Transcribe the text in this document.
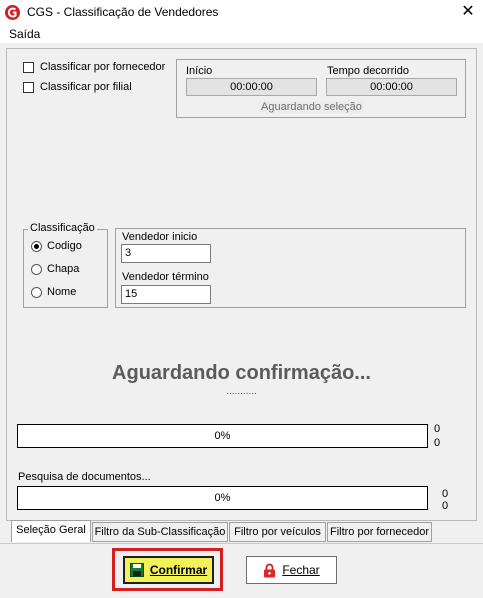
CGS - Classificação de Vendedores	✕
Saída
Classificar por fornecedor
Classificar por filial
Início
00:00:00
Tempo decorrido
00:00:00
Aguardando seleção
Classificação
Codigo
Chapa
Nome
Vendedor inicio
3
Vendedor término
15
Aguardando confirmação...
...........
0%
0
0
Pesquisa de documentos...
0%	0
0
Seleção Geral Filtro da Sub-Classificação Filtro por veículos Filtro por fornecedor
Confirmar	Fechar
